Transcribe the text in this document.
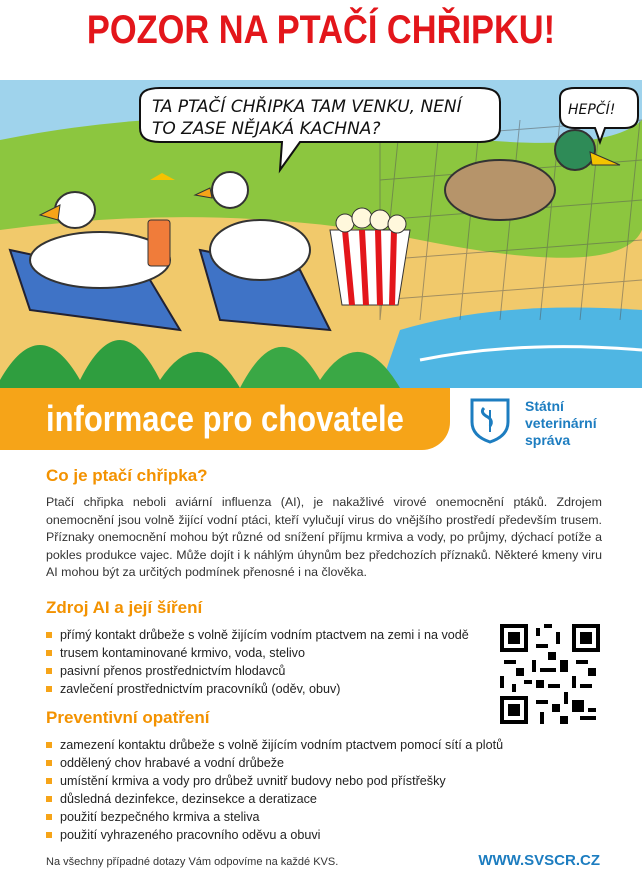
POZOR NA PTAČÍ CHŘIPKU!
TA PTAČÍ CHŘIPKA TAM VENKU, NENÍ
TO ZASE NĚJAKÁ KACHNA?
HEPČÍ!
informace pro chovatele	Státní
veterinární
správa
Co je ptačí chřipka?

Ptačí chřipka neboli aviární influenza (AI), je nakažlivé virové onemocnění ptáků. Zdrojem onemocnění jsou volně žijící vodní ptáci, kteří vylučují virus do vnějšího prostředí především trusem. Příznaky onemocnění mohou být různé od snížení příjmu krmiva a vody, po průjmy, dýchací potíže a pokles produkce vajec. Může dojít i k náhlým úhynům bez předchozích příznaků. Některé kmeny viru AI mohou být za určitých podmínek přenosné i na člověka.

Zdroj AI a její šíření
přímý kontakt drůbeže s volně žijícím vodním ptactvem na zemi i na vodě
trusem kontaminované krmivo, voda, stelivo
pasivní přenos prostřednictvím hlodavců
zavlečení prostřednictvím pracovníků (oděv, obuv)
Preventivní opatření
zamezení kontaktu drůbeže s volně žijícím vodním ptactvem pomocí sítí a plotů
oddělený chov hrabavé a vodní drůbeže
umístění krmiva a vody pro drůbež uvnitř budovy nebo pod přístřešky
důsledná dezinfekce, dezinsekce a deratizace
použití bezpečného krmiva a steliva
použití vyhrazeného pracovního oděvu a obuvi
Na všechny případné dotazy Vám odpovíme na každé KVS.	WWW.SVSCR.CZ
